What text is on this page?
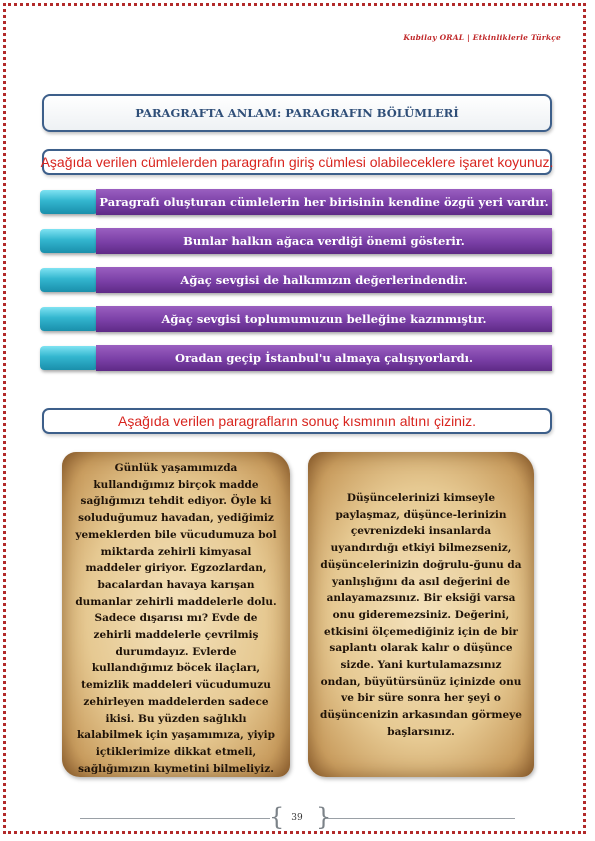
Kubilay ORAL | Etkinliklerle Türkçe
PARAGRAFTA ANLAM: PARAGRAFIN BÖLÜMLERİ
Aşağıda verilen cümlelerden paragrafın giriş cümlesi olabileceklere işaret koyunuz.
Paragrafı oluşturan cümlelerin her birisinin kendine özgü yeri vardır.
Bunlar halkın ağaca verdiği önemi gösterir.
Ağaç sevgisi de halkımızın değerlerindendir.
Ağaç sevgisi toplumumuzun belleğine kazınmıştır.
Oradan geçip İstanbul'u almaya çalışıyorlardı.
Aşağıda verilen paragrafların sonuç kısmının altını çiziniz.

Günlük yaşamımızda kullandığımız birçok madde sağlığımızı tehdit ediyor. Öyle ki soluduğumuz havadan, yediğimiz yemeklerden bile vücudumuza bol miktarda zehirli kimyasal maddeler giriyor. Egzozlardan, bacalardan havaya karışan dumanlar zehirli maddelerle dolu. Sadece dışarısı mı? Evde de zehirli maddelerle çevrilmiş durumdayız. Evlerde kullandığımız böcek ilaçları, temizlik maddeleri vücudumuzu zehirleyen maddelerden sadece ikisi. Bu yüzden sağlıklı kalabilmek için yaşamımıza, yiyip içtiklerimize dikkat etmeli, sağlığımızın kıymetini bilmeliyiz.

Düşüncelerinizi kimseyle paylaşmaz, düşünce-lerinizin çevrenizdeki insanlarda uyandırdığı etkiyi bilmezseniz, düşüncelerinizin doğrulu-ğunu da yanlışlığını da asıl değerini de anlayamazsınız. Bir eksiği varsa onu gideremezsiniz. Değerini, etkisini ölçemediğiniz için de bir saplantı olarak kalır o düşünce sizde. Yani kurtulamazsınız ondan, büyütürsünüz içinizde onu ve bir süre sonra her şeyi o düşüncenizin arkasından görmeye başlarsınız.

{ }
39
